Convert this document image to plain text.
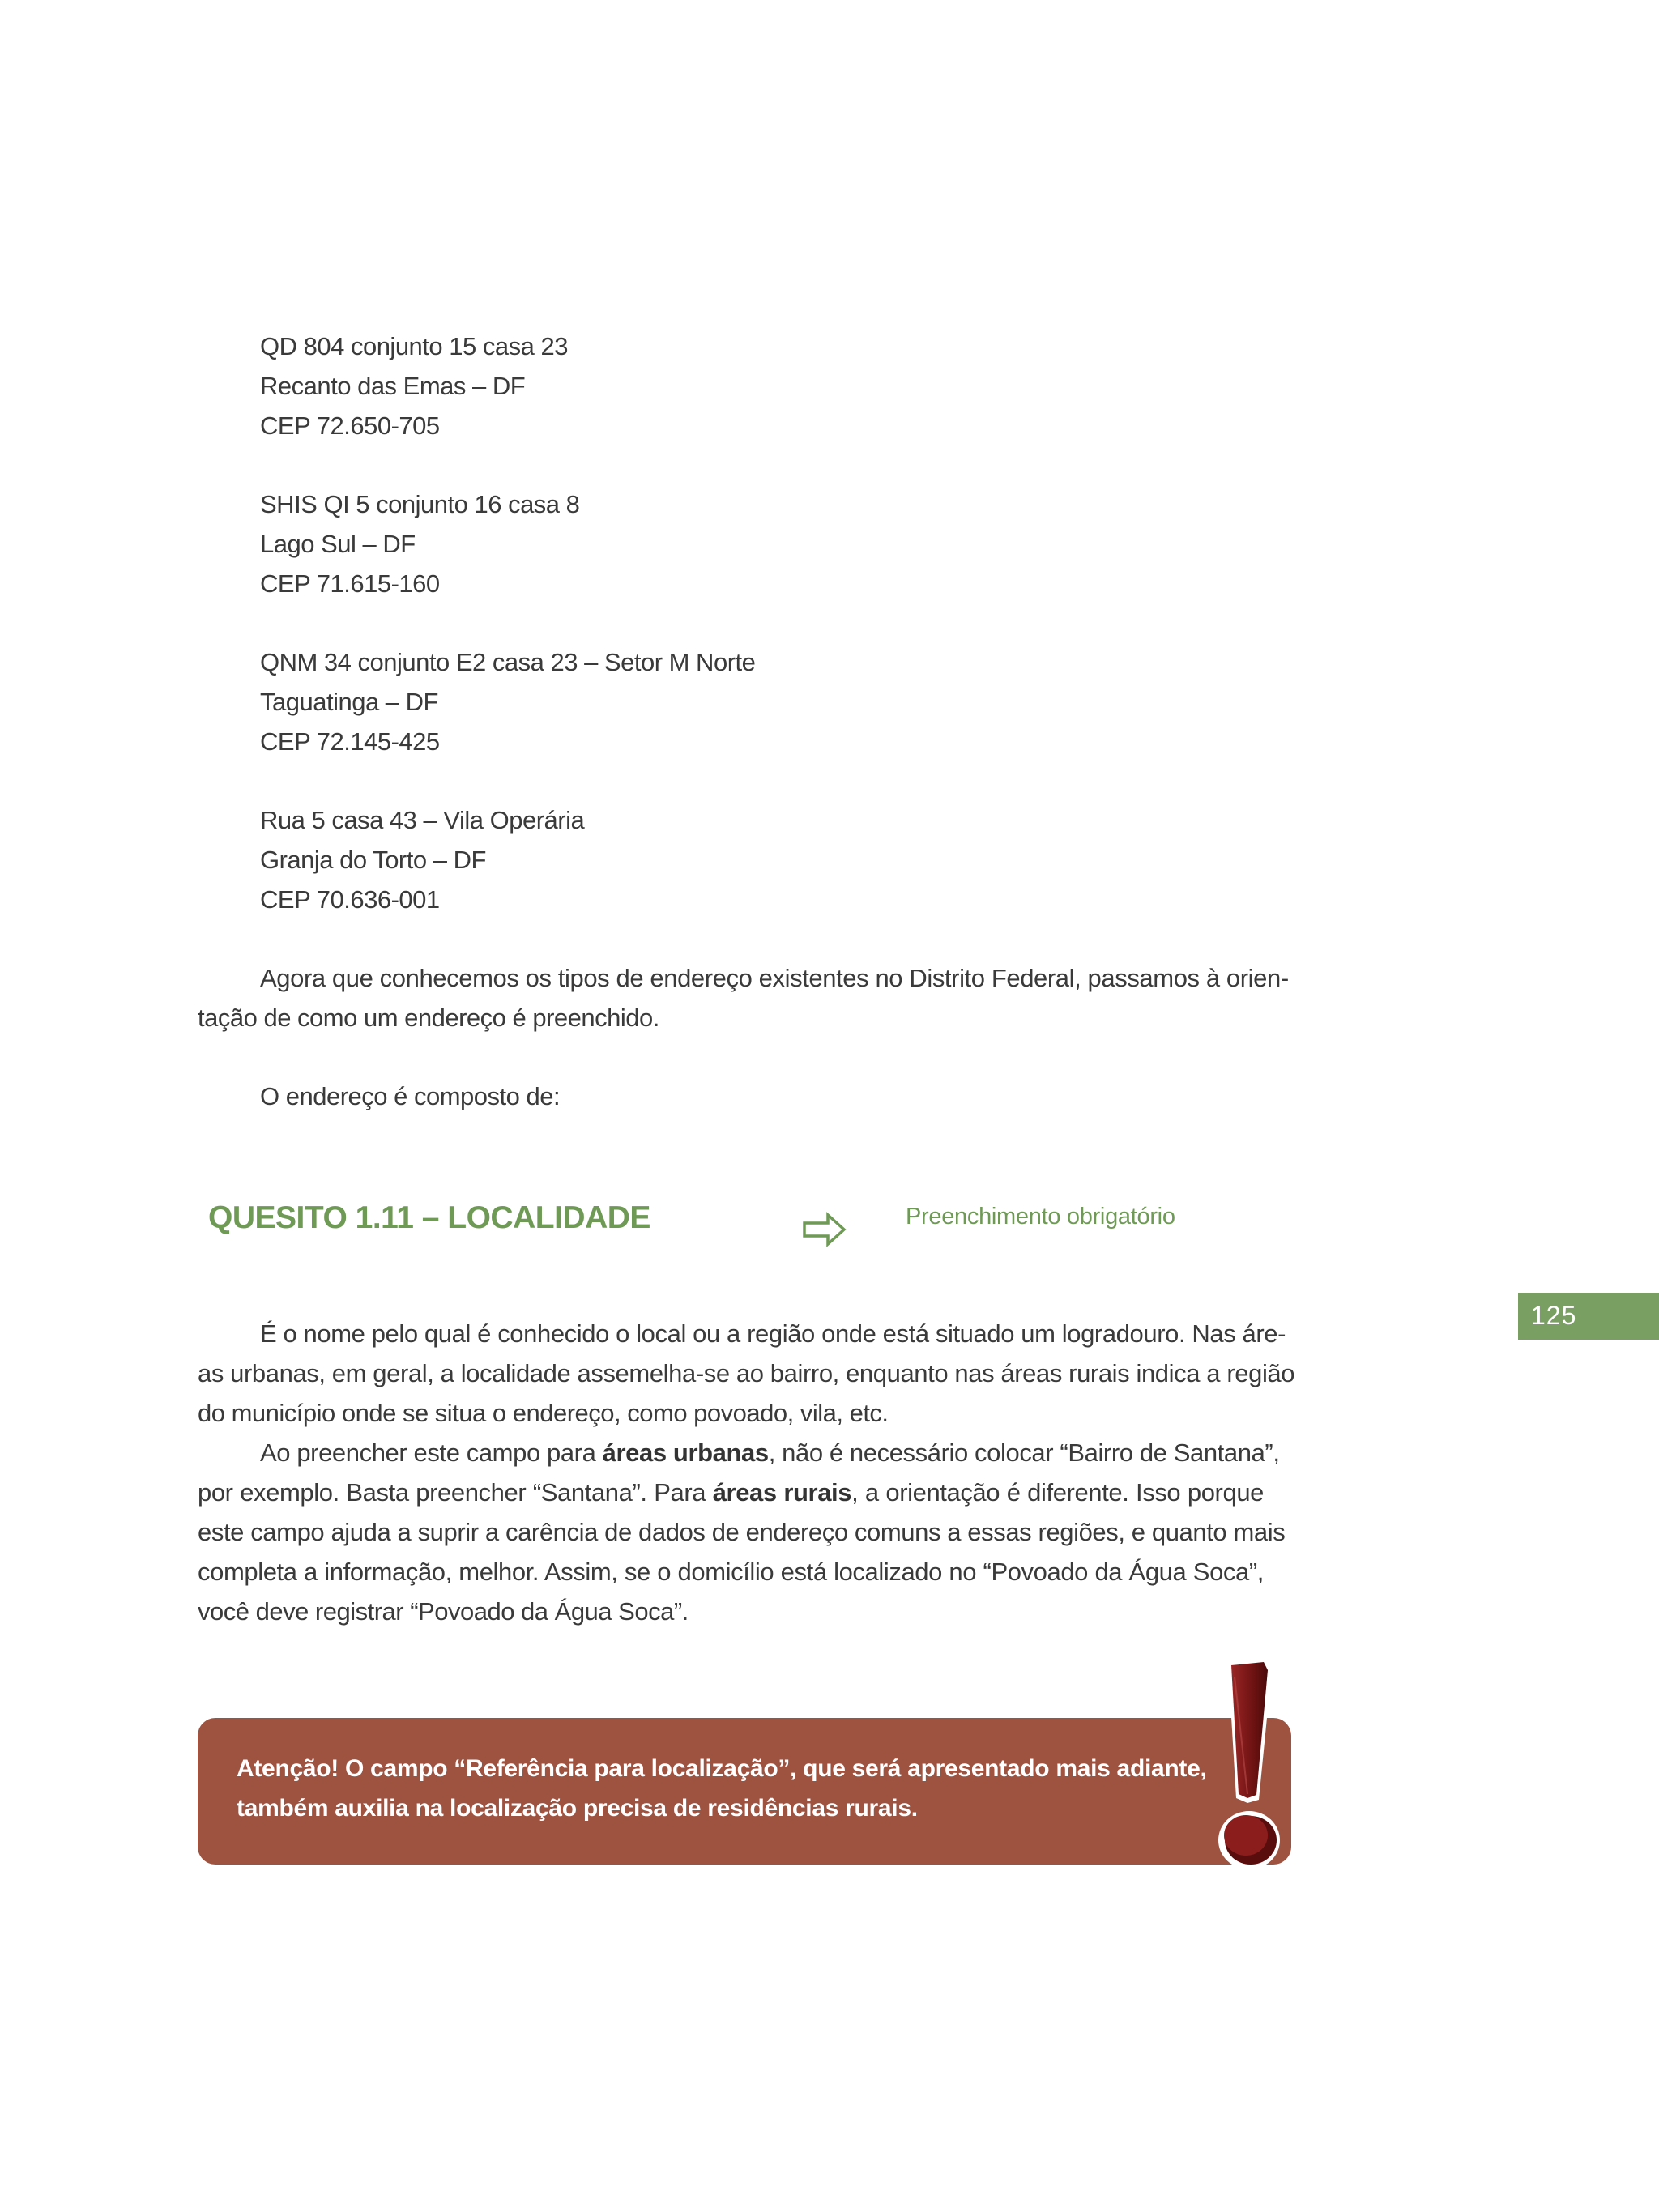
QD 804 conjunto 15 casa 23
Recanto das Emas – DF
CEP 72.650-705
SHIS QI 5 conjunto 16 casa 8
Lago Sul – DF
CEP 71.615-160
QNM 34 conjunto E2 casa 23 – Setor M Norte
Taguatinga – DF
CEP 72.145-425
Rua 5 casa 43 – Vila Operária
Granja do Torto – DF
CEP 70.636-001
Agora que conhecemos os tipos de endereço existentes no Distrito Federal, passamos à orien-
tação de como um endereço é preenchido.
O endereço é composto de:
QUESITO 1.11 – LOCALIDADE	Preenchimento obrigatório
125
É o nome pelo qual é conhecido o local ou a região onde está situado um logradouro. Nas áre-
as urbanas, em geral, a localidade assemelha-se ao bairro, enquanto nas áreas rurais indica a região
do município onde se situa o endereço, como povoado, vila, etc.
Ao preencher este campo para áreas urbanas, não é necessário colocar “Bairro de Santana”,
por exemplo. Basta preencher “Santana”. Para áreas rurais, a orientação é diferente. Isso porque
este campo ajuda a suprir a carência de dados de endereço comuns a essas regiões, e quanto mais
completa a informação, melhor. Assim, se o domicílio está localizado no “Povoado da Água Soca”,
você deve registrar “Povoado da Água Soca”.
Atenção! O campo “Referência para localização”, que será apresentado mais adiante,
também auxilia na localização precisa de residências rurais.
